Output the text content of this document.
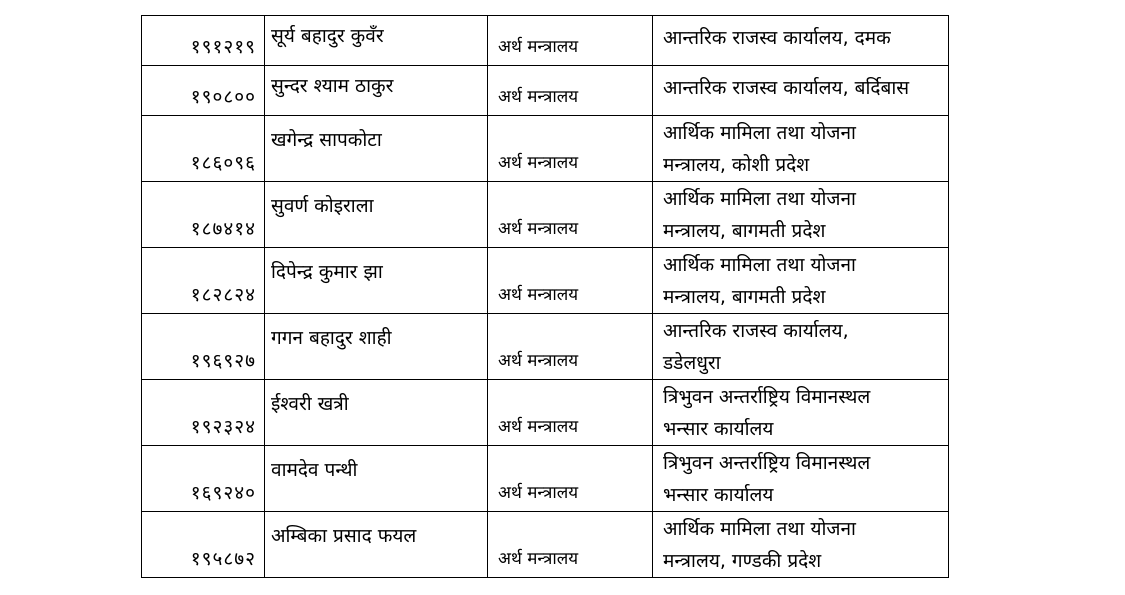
१९१२१९	सूर्य बहादुर कुवँर	अर्थ मन्त्रालय	आन्तरिक राजस्व कार्यालय, दमक

१९०८००	सुन्दर श्याम ठाकुर	अर्थ मन्त्रालय	आन्तरिक राजस्व कार्यालय, बर्दिबास

१८६०९६	खगेन्द्र सापकोटा	अर्थ मन्त्रालय	आर्थिक मामिला तथा योजना
मन्त्रालय, कोशी प्रदेश

१८७४१४	सुवर्ण कोइराला	अर्थ मन्त्रालय	आर्थिक मामिला तथा योजना
मन्त्रालय, बागमती प्रदेश

१८२८२४	दिपेन्द्र कुमार झा	अर्थ मन्त्रालय	आर्थिक मामिला तथा योजना
मन्त्रालय, बागमती प्रदेश

१९६९२७	गगन बहादुर शाही	अर्थ मन्त्रालय	आन्तरिक राजस्व कार्यालय,
डडेलधुरा

१९२३२४	ईश्वरी खत्री	अर्थ मन्त्रालय	त्रिभुवन अन्तर्राष्ट्रिय विमानस्थल
भन्सार कार्यालय

१६९२४०	वामदेव पन्थी	अर्थ मन्त्रालय	त्रिभुवन अन्तर्राष्ट्रिय विमानस्थल
भन्सार कार्यालय

१९५८७२	अम्बिका प्रसाद फयल	अर्थ मन्त्रालय	आर्थिक मामिला तथा योजना
मन्त्रालय, गण्डकी प्रदेश
